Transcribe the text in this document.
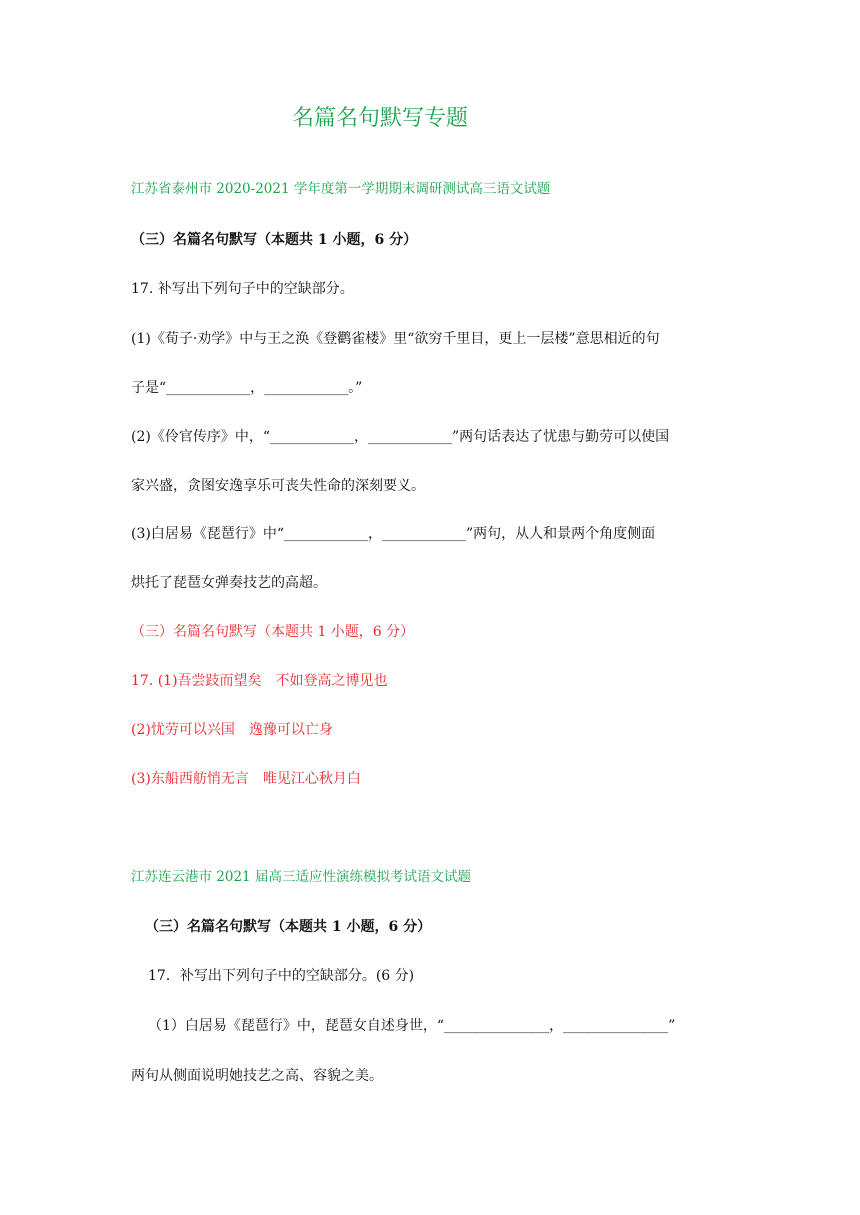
名篇名句默写专题
江苏省泰州市 2020-2021 学年度第一学期期末调研测试高三语文试题
（三）名篇名句默写（本题共 1 小题，6 分）
17. 补写出下列句子中的空缺部分。
(1)《荀子·劝学》中与王之涣《登鹳雀楼》里“欲穷千里目，更上一层楼”意思相近的句
子是“____________，____________。”
(2)《伶官传序》中，“____________，____________”两句话表达了忧患与勤劳可以使国
家兴盛，贪图安逸享乐可丧失性命的深刻要义。
(3)白居易《琵琶行》中“____________，____________”两句，从人和景两个角度侧面
烘托了琵琶女弹奏技艺的高超。
（三）名篇名句默写（本题共 1 小题，6 分）
17. (1)吾尝跂而望矣　不如登高之博见也
(2)忧劳可以兴国　逸豫可以亡身
(3)东船西舫悄无言　唯见江心秋月白
江苏连云港市 2021 届高三适应性演练模拟考试语文试题
（三）名篇名句默写（本题共 1 小题，6 分）
17．补写出下列句子中的空缺部分。(6 分)
（1）白居易《琵琶行》中，琵琶女自述身世，“_______________，_______________”
两句从侧面说明她技艺之高、容貌之美。
